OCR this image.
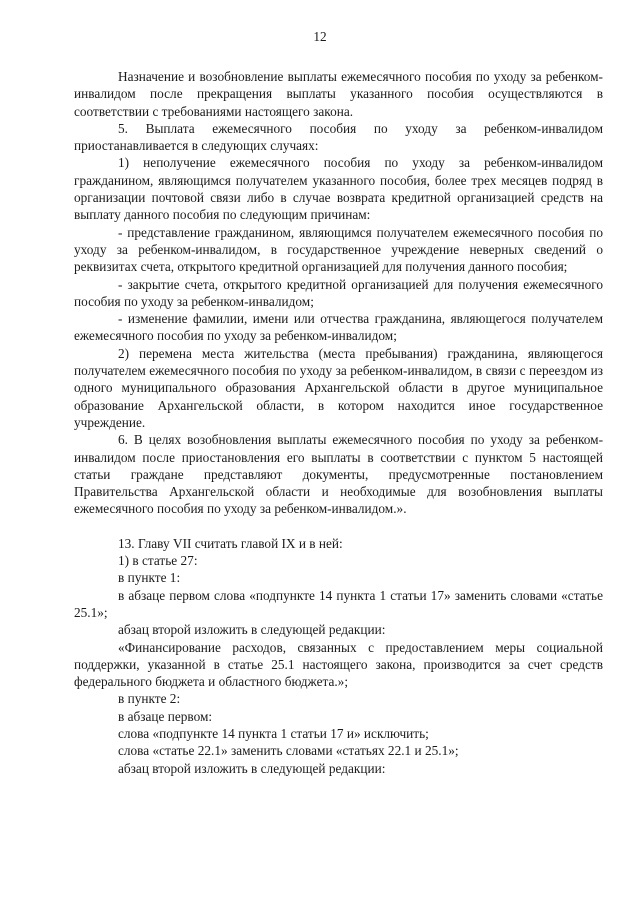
12

Назначение и возобновление выплаты ежемесячного пособия по уходу за ребенком-инвалидом после прекращения выплаты указанного пособия осуществляются в соответствии с требованиями настоящего закона.

5. Выплата ежемесячного пособия по уходу за ребенком-инвалидом приостанавливается в следующих случаях:

1) неполучение ежемесячного пособия по уходу за ребенком-инвалидом гражданином, являющимся получателем указанного пособия, более трех месяцев подряд в организации почтовой связи либо в случае возврата кредитной организацией средств на выплату данного пособия по следующим причинам:

- представление гражданином, являющимся получателем ежемесячного пособия по уходу за ребенком-инвалидом, в государственное учреждение неверных сведений о реквизитах счета, открытого кредитной организацией для получения данного пособия;

- закрытие счета, открытого кредитной организацией для получения ежемесячного пособия по уходу за ребенком-инвалидом;

- изменение фамилии, имени или отчества гражданина, являющегося получателем ежемесячного пособия по уходу за ребенком-инвалидом;

2) перемена места жительства (места пребывания) гражданина, являющегося получателем ежемесячного пособия по уходу за ребенком-инвалидом, в связи с переездом из одного муниципального образования Архангельской области в другое муниципальное образование Архангельской области, в котором находится иное государственное учреждение.

6. В целях возобновления выплаты ежемесячного пособия по уходу за ребенком-инвалидом после приостановления его выплаты в соответствии с пунктом 5 настоящей статьи граждане представляют документы, предусмотренные постановлением Правительства Архангельской области и необходимые для возобновления выплаты ежемесячного пособия по уходу за ребенком-инвалидом.».

13. Главу VII считать главой IX и в ней:

1) в статье 27:

в пункте 1:

в абзаце первом слова «подпункте 14 пункта 1 статьи 17» заменить словами «статье 25.1»;

абзац второй изложить в следующей редакции:

«Финансирование расходов, связанных с предоставлением меры социальной поддержки, указанной в статье 25.1 настоящего закона, производится за счет средств федерального бюджета и областного бюджета.»;

в пункте 2:

в абзаце первом:

слова «подпункте 14 пункта 1 статьи 17 и» исключить;

слова «статье 22.1» заменить словами «статьях 22.1 и 25.1»;

абзац второй изложить в следующей редакции:
